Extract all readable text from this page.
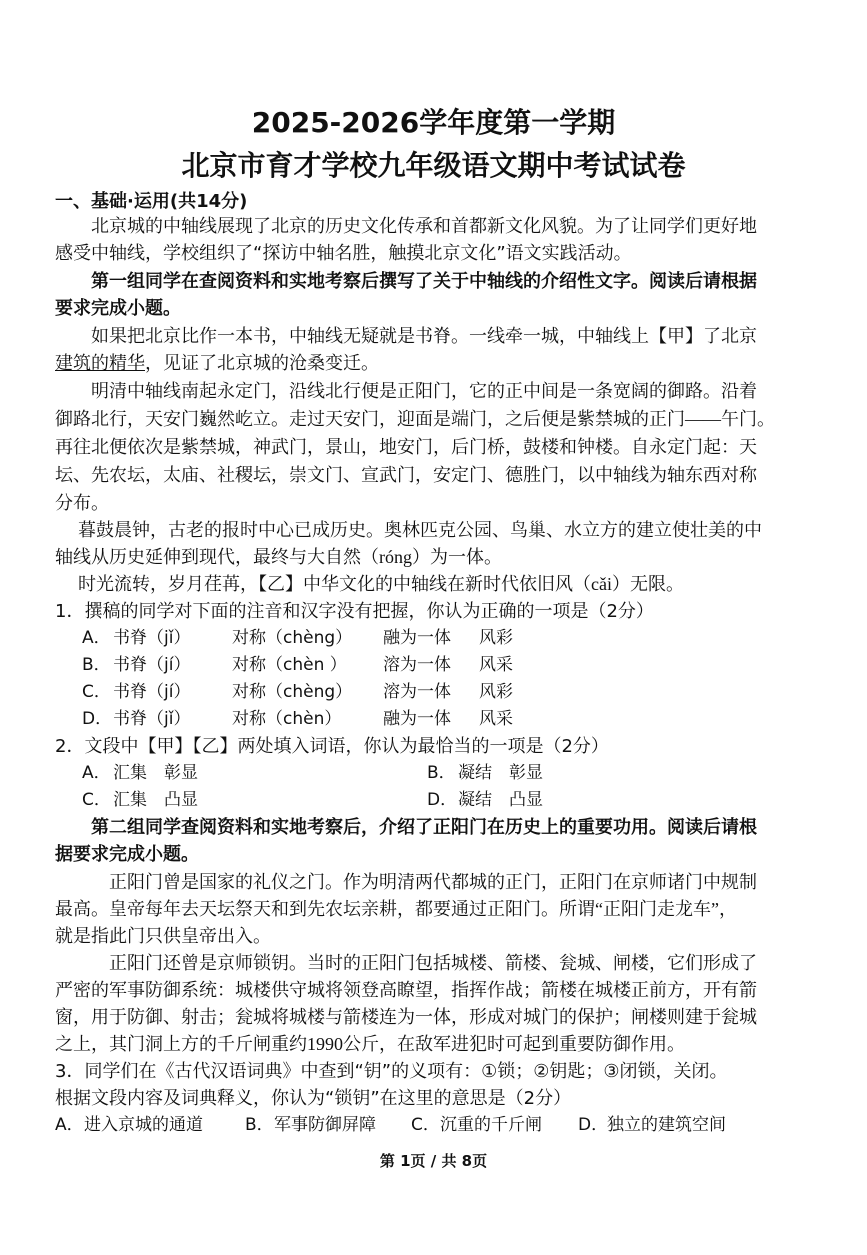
2025-2026学年度第一学期
北京市育才学校九年级语文期中考试试卷
一、基础·运用(共14分)
北京城的中轴线展现了北京的历史文化传承和首都新文化风貌。为了让同学们更好地
感受中轴线，学校组织了“探访中轴名胜，触摸北京文化”语文实践活动。
第一组同学在查阅资料和实地考察后撰写了关于中轴线的介绍性文字。阅读后请根据
要求完成小题。
如果把北京比作一本书，中轴线无疑就是书脊。一线牵一城，中轴线上【甲】了北京
建筑的精华，见证了北京城的沧桑变迁。
明清中轴线南起永定门，沿线北行便是正阳门，它的正中间是一条宽阔的御路。沿着
御路北行，天安门巍然屹立。走过天安门，迎面是端门，之后便是紫禁城的正门——午门。
再往北便依次是紫禁城，神武门，景山，地安门，后门桥，鼓楼和钟楼。自永定门起：天
坛、先农坛，太庙、社稷坛，崇文门、宣武门，安定门、德胜门，以中轴线为轴东西对称
分布。
暮鼓晨钟，古老的报时中心已成历史。奥林匹克公园、鸟巢、水立方的建立使壮美的中
轴线从历史延伸到现代，最终与大自然（róng）为一体。
时光流转，岁月荏苒，【乙】中华文化的中轴线在新时代依旧风（cǎi）无限。
1．撰稿的同学对下面的注音和汉字没有把握，你认为正确的一项是（2分）
A． 书脊（jǐ） 对称（chèng） 融为一体 风彩
B． 书脊（jí） 对称（chèn ） 溶为一体 风采
C． 书脊（jí） 对称（chèng） 溶为一体 风彩
D． 书脊（jǐ） 对称（chèn） 融为一体 风采
2．文段中【甲】【乙】两处填入词语，你认为最恰当的一项是（2分）
A． 汇集　彰显	B． 凝结　彰显
C． 汇集　凸显	D． 凝结　凸显
第二组同学查阅资料和实地考察后，介绍了正阳门在历史上的重要功用。阅读后请根
据要求完成小题。
正阳门曾是国家的礼仪之门。作为明清两代都城的正门，正阳门在京师诸门中规制
最高。皇帝每年去天坛祭天和到先农坛亲耕，都要通过正阳门。所谓“正阳门走龙车”，
就是指此门只供皇帝出入。
正阳门还曾是京师锁钥。当时的正阳门包括城楼、箭楼、瓮城、闸楼，它们形成了
严密的军事防御系统：城楼供守城将领登高瞭望，指挥作战；箭楼在城楼正前方，开有箭
窗，用于防御、射击；瓮城将城楼与箭楼连为一体，形成对城门的保护；闸楼则建于瓮城
之上，其门洞上方的千斤闸重约1990公斤，在敌军进犯时可起到重要防御作用。
3．同学们在《古代汉语词典》中查到“钥”的义项有：①锁；②钥匙；③闭锁，关闭。
根据文段内容及词典释义，你认为“锁钥”在这里的意思是（2分）
A． 进入京城的通道 B． 军事防御屏障 C． 沉重的千斤闸 D．
独立的建筑空间
第 1页 / 共 8页
